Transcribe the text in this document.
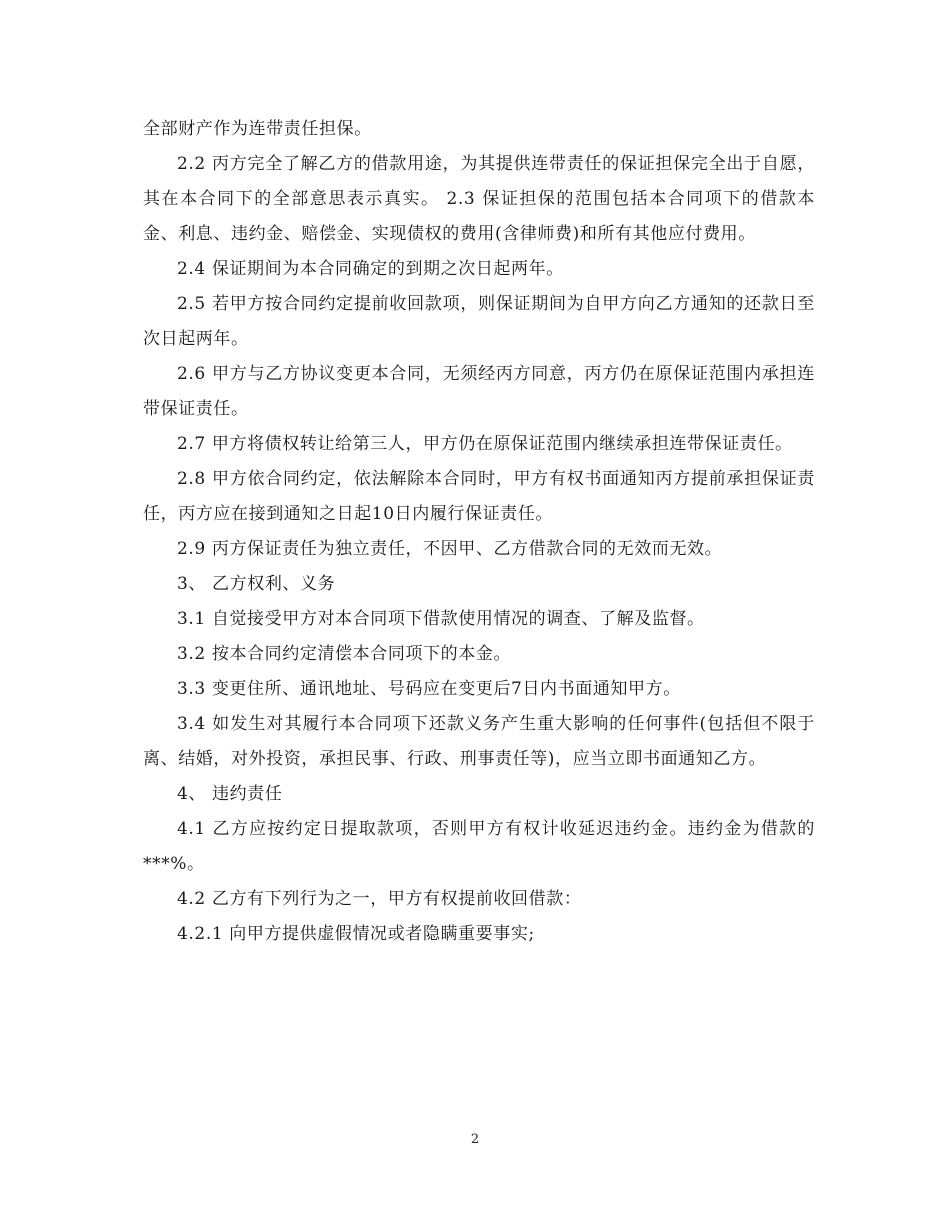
全部财产作为连带责任担保。

2.2 丙方完全了解乙方的借款用途，为其提供连带责任的保证担保完全出于自愿，其在本合同下的全部意思表示真实。 2.3 保证担保的范围包括本合同项下的借款本金、利息、违约金、赔偿金、实现债权的费用(含律师费)和所有其他应付费用。

2.4 保证期间为本合同确定的到期之次日起两年。

2.5 若甲方按合同约定提前收回款项，则保证期间为自甲方向乙方通知的还款日至次日起两年。

2.6 甲方与乙方协议变更本合同，无须经丙方同意，丙方仍在原保证范围内承担连带保证责任。

2.7 甲方将债权转让给第三人，甲方仍在原保证范围内继续承担连带保证责任。

2.8 甲方依合同约定，依法解除本合同时，甲方有权书面通知丙方提前承担保证责任，丙方应在接到通知之日起10日内履行保证责任。

2.9 丙方保证责任为独立责任，不因甲、乙方借款合同的无效而无效。

3、 乙方权利、义务

3.1 自觉接受甲方对本合同项下借款使用情况的调查、了解及监督。

3.2 按本合同约定清偿本合同项下的本金。

3.3 变更住所、通讯地址、号码应在变更后7日内书面通知甲方。

3.4 如发生对其履行本合同项下还款义务产生重大影响的任何事件(包括但不限于离、结婚，对外投资，承担民事、行政、刑事责任等)，应当立即书面通知乙方。

4、 违约责任

4.1 乙方应按约定日提取款项，否则甲方有权计收延迟违约金。违约金为借款的***%。

4.2 乙方有下列行为之一，甲方有权提前收回借款：

4.2.1 向甲方提供虚假情况或者隐瞒重要事实;

2
